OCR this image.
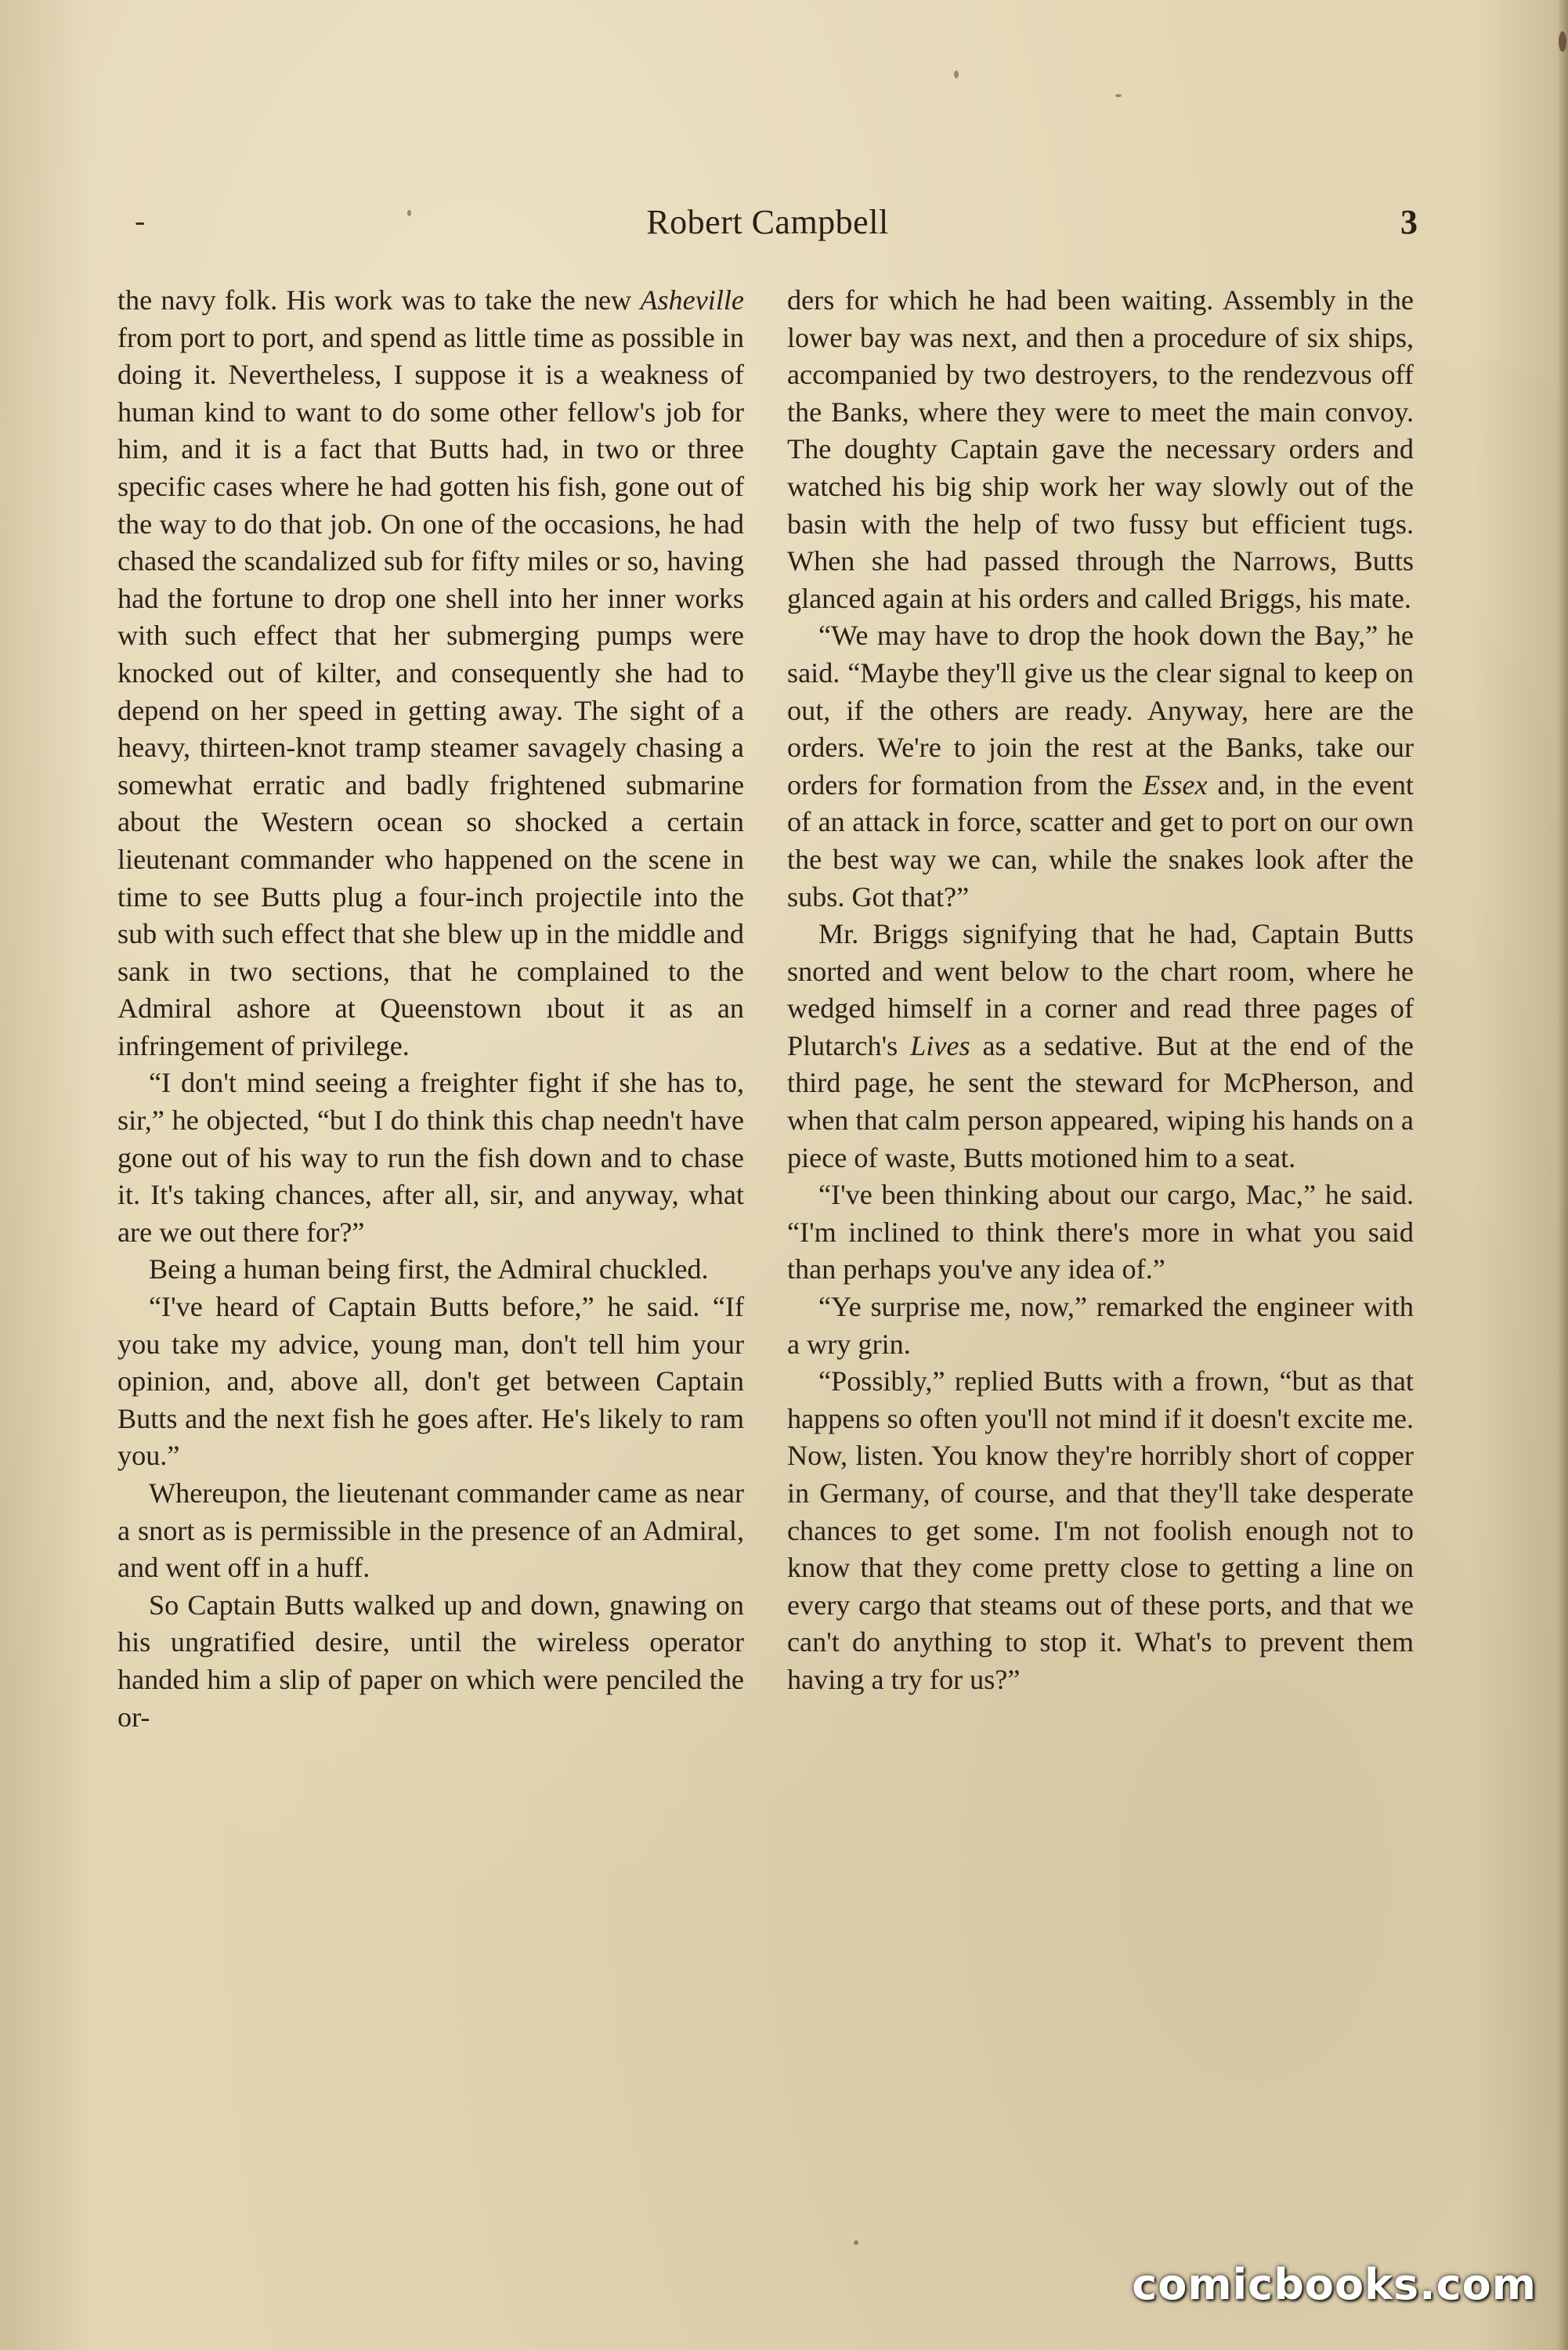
-	Robert Campbell	3

the navy folk. His work was to take the new Asheville from port to port, and spend as little time as possible in doing it. Nevertheless, I suppose it is a weakness of human kind to want to do some other fellow's job for him, and it is a fact that Butts had, in two or three specific cases where he had gotten his fish, gone out of the way to do that job. On one of the occasions, he had chased the scandalized sub for fifty miles or so, having had the fortune to drop one shell into her inner works with such effect that her submerging pumps were knocked out of kilter, and consequently she had to depend on her speed in getting away. The sight of a heavy, thirteen-knot tramp steamer savagely chasing a somewhat erratic and badly frightened submarine about the Western ocean so shocked a certain lieutenant commander who happened on the scene in time to see Butts plug a four-inch projectile into the sub with such effect that she blew up in the middle and sank in two sections, that he complained to the Admiral ashore at Queenstown ıbout it as an infringement of privilege.

“I don't mind seeing a freighter fight if she has to, sir,” he objected, “but I do think this chap needn't have gone out of his way to run the fish down and to chase it. It's taking chances, after all, sir, and anyway, what are we out there for?”

Being a human being first, the Admiral chuckled.

“I've heard of Captain Butts before,” he said. “If you take my advice, young man, don't tell him your opinion, and, above all, don't get between Captain Butts and the next fish he goes after. He's likely to ram you.”

Whereupon, the lieutenant commander came as near a snort as is permissible in the presence of an Admiral, and went off in a huff.

So Captain Butts walked up and down, gnawing on his ungratified desire, until the wireless operator handed him a slip of paper on which were penciled the or-

ders for which he had been waiting. Assembly in the lower bay was next, and then a procedure of six ships, accompanied by two destroyers, to the rendezvous off the Banks, where they were to meet the main convoy. The doughty Captain gave the necessary orders and watched his big ship work her way slowly out of the basin with the help of two fussy but efficient tugs. When she had passed through the Narrows, Butts glanced again at his orders and called Briggs, his mate.

“We may have to drop the hook down the Bay,” he said. “Maybe they'll give us the clear signal to keep on out, if the others are ready. Anyway, here are the orders. We're to join the rest at the Banks, take our orders for formation from the Essex and, in the event of an attack in force, scatter and get to port on our own the best way we can, while the snakes look after the subs. Got that?”

Mr. Briggs signifying that he had, Captain Butts snorted and went below to the chart room, where he wedged himself in a corner and read three pages of Plutarch's Lives as a sedative. But at the end of the third page, he sent the steward for McPherson, and when that calm person appeared, wiping his hands on a piece of waste, Butts motioned him to a seat.

“I've been thinking about our cargo, Mac,” he said. “I'm inclined to think there's more in what you said than perhaps you've any idea of.”

“Ye surprise me, now,” remarked the engineer with a wry grin.

“Possibly,” replied Butts with a frown, “but as that happens so often you'll not mind if it doesn't excite me. Now, listen. You know they're horribly short of copper in Germany, of course, and that they'll take desperate chances to get some. I'm not foolish enough not to know that they come pretty close to getting a line on every cargo that steams out of these ports, and that we can't do anything to stop it. What's to prevent them having a try for us?”

comicbooks.com
